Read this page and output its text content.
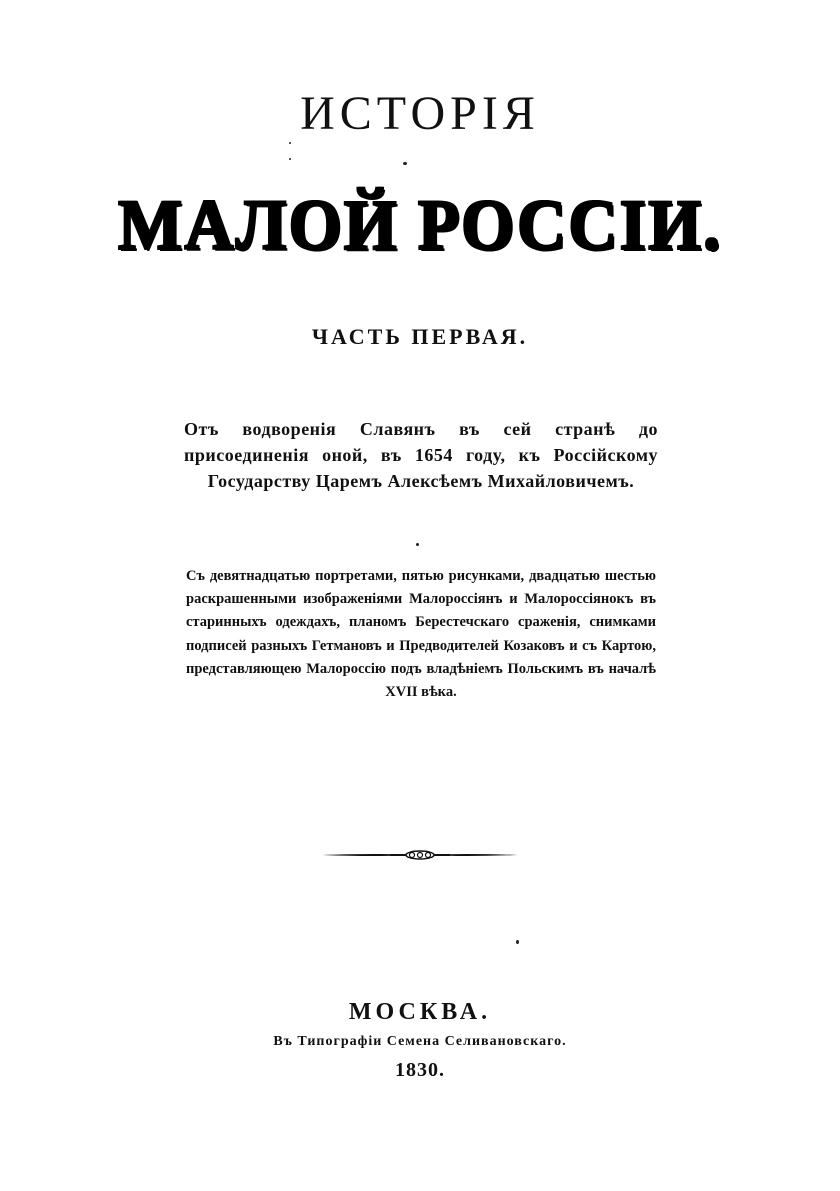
ИСТОРІЯ
МАЛОЙ РОССІИ.
ЧАСТЬ ПЕРВАЯ.
Отъ водворенія Славянъ въ сей странѣ до присоединенія оной, въ 1654 году, къ Россійскому Государству Царемъ Алексѣемъ Михайловичемъ.
Съ девятнадцатью портретами, пятью рисунками, двадцатью шестью раскрашенными изображеніями Малороссіянъ и Малороссіянокъ въ старинныхъ одеждахъ, планомъ Берестечскаго сраженія, снимками подписей разныхъ Гетмановъ и Предводителей Козаковъ и съ Картою, представляющею Малороссію подъ владѣніемъ Польскимъ въ началѣ XVII вѣка.
МОСКВА.
Въ Типографіи Семена Селивановскаго.
1830.
